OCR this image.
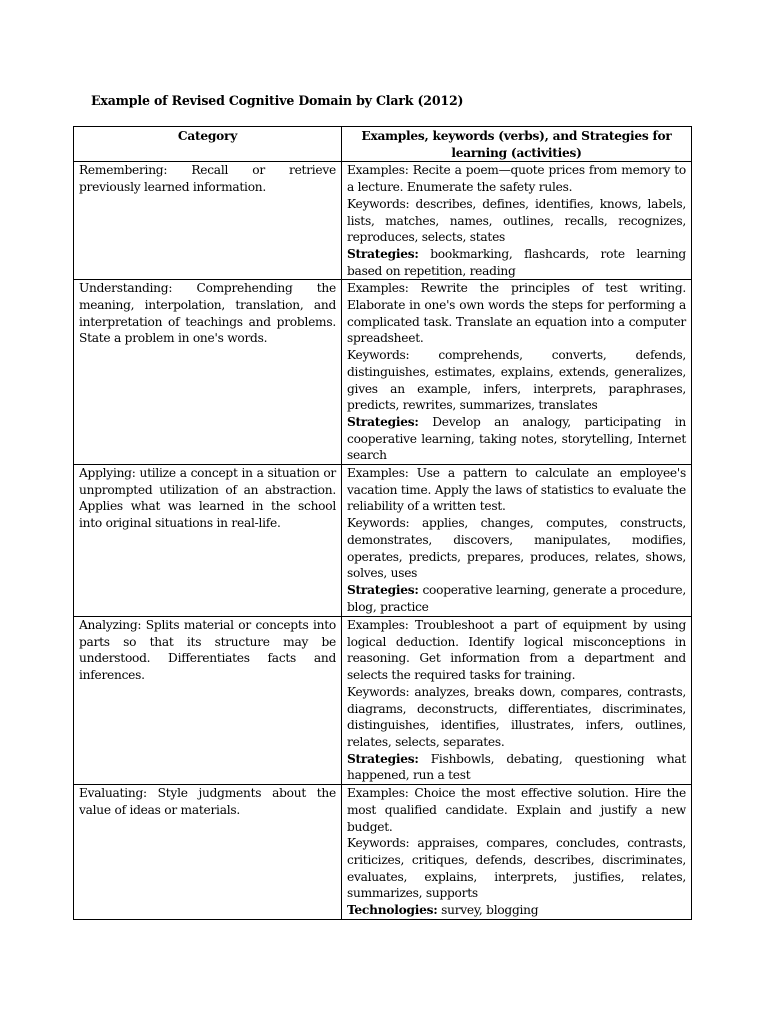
Example of Revised Cognitive Domain by Clark (2012)
Category	Examples, keywords (verbs), and Strategies for learning (activities)

Remembering: Recall or retrieve previously learned information.	Examples: Recite a poem—quote prices from memory to a lecture. Enumerate the safety rules.

Keywords: describes, defines, identifies, knows, labels, lists, matches, names, outlines, recalls, recognizes, reproduces, selects, states

Strategies: bookmarking, flashcards, rote learning based on repetition, reading

Understanding: Comprehending the meaning, interpolation, translation, and interpretation of teachings and problems. State a problem in one's words.	Examples: Rewrite the principles of test writing. Elaborate in one's own words the steps for performing a complicated task. Translate an equation into a computer spreadsheet.

Keywords: comprehends, converts, defends, distinguishes, estimates, explains, extends, generalizes, gives an example, infers, interprets, paraphrases, predicts, rewrites, summarizes, translates

Strategies: Develop an analogy, participating in cooperative learning, taking notes, storytelling, Internet search

Applying: utilize a concept in a situation or unprompted utilization of an abstraction. Applies what was learned in the school into original situations in real-life.	Examples: Use a pattern to calculate an employee's vacation time. Apply the laws of statistics to evaluate the reliability of a written test.

Keywords: applies, changes, computes, constructs, demonstrates, discovers, manipulates, modifies, operates, predicts, prepares, produces, relates, shows, solves, uses

Strategies: cooperative learning, generate a procedure, blog, practice

Analyzing: Splits material or concepts into parts so that its structure may be understood. Differentiates facts and inferences.	Examples: Troubleshoot a part of equipment by using logical deduction. Identify logical misconceptions in reasoning. Get information from a department and selects the required tasks for training.

Keywords: analyzes, breaks down, compares, contrasts, diagrams, deconstructs, differentiates, discriminates, distinguishes, identifies, illustrates, infers, outlines, relates, selects, separates.

Strategies: Fishbowls, debating, questioning what happened, run a test

Evaluating: Style judgments about the value of ideas or materials.	Examples: Choice the most effective solution. Hire the most qualified candidate. Explain and justify a new budget.

Keywords: appraises, compares, concludes, contrasts, criticizes, critiques, defends, describes, discriminates, evaluates, explains, interprets, justifies, relates, summarizes, supports

Technologies: survey, blogging
